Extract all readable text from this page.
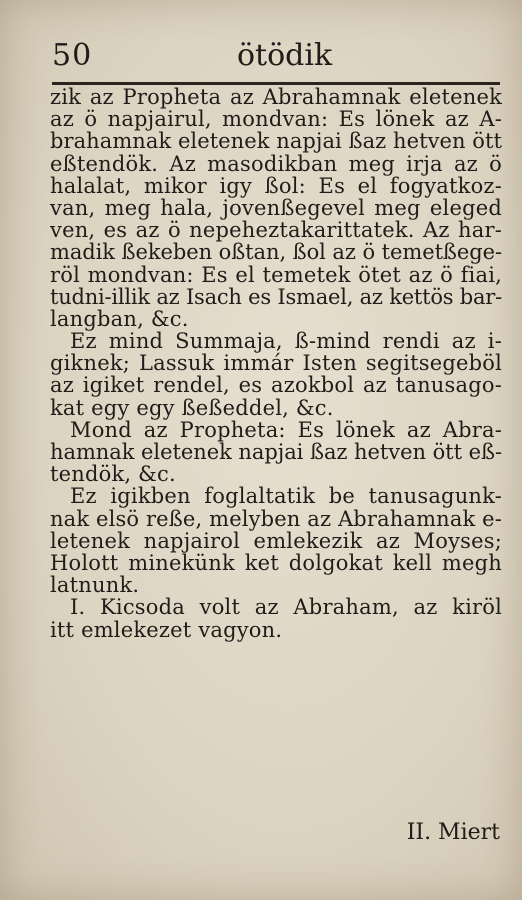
50	ötödik
zik az Propheta az Abrahamnak eletenek
az ö napjairul, mondvan: Es lönek az A-
brahamnak eletenek napjai ßaz hetven ött
eßtendök. Az masodikban meg irja az ö
halalat, mikor igy ßol: Es el fogyatkoz-
van, meg hala, jovenßegevel meg eleged
ven, es az ö nepeheztakarittatek. Az har-
madik ßekeben oßtan, ßol az ö temetßege-
röl mondvan: Es el temetek ötet az ö fiai,
tudni-illik az Isach es Ismael, az kettös bar-
langban, &c.
Ez mind Summaja, ß-mind rendi az i-
giknek; Lassuk immár Isten segitsegeböl
az igiket rendel, es azokbol az tanusago-
kat egy egy ßeßeddel, &c.
Mond az Propheta: Es lönek az Abra-
hamnak eletenek napjai ßaz hetven ött eß-
tendök, &c.
Ez igikben foglaltatik be tanusagunk-
nak elsö reße, melyben az Abrahamnak e-
letenek napjairol emlekezik az Moyses;
Holott minekünk ket dolgokat kell megh
latnunk.
I. Kicsoda volt az Abraham, az kiröl
itt emlekezet vagyon.
II. Miert
